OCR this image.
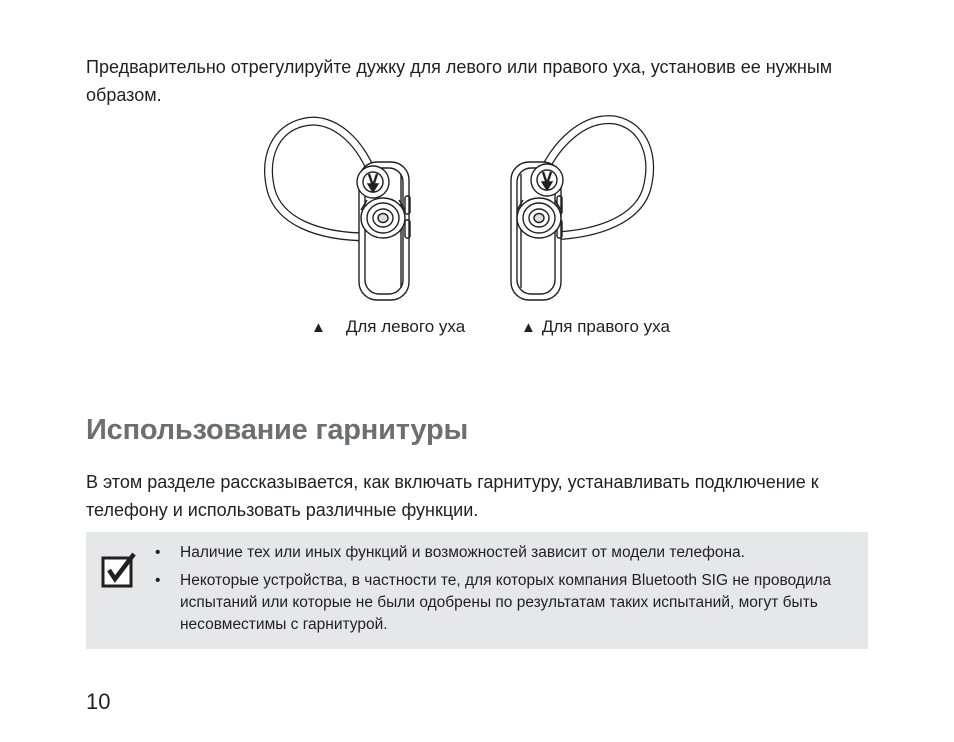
Предварительно отрегулируйте дужку для левого или правого уха, установив ее нужным образом.

▲ Для левого уха	▲ Для правого уха
Использование гарнитуры

В этом разделе рассказывается, как включать гарнитуру, устанавливать подключение к телефону и использовать различные функции.

• Наличие тех или иных функций и возможностей зависит от модели телефона.
• Некоторые устройства, в частности те, для которых компания Bluetooth SIG не проводила испытаний или которые не были одобрены по результатам таких испытаний, могут быть несовместимы с гарнитурой.
10
